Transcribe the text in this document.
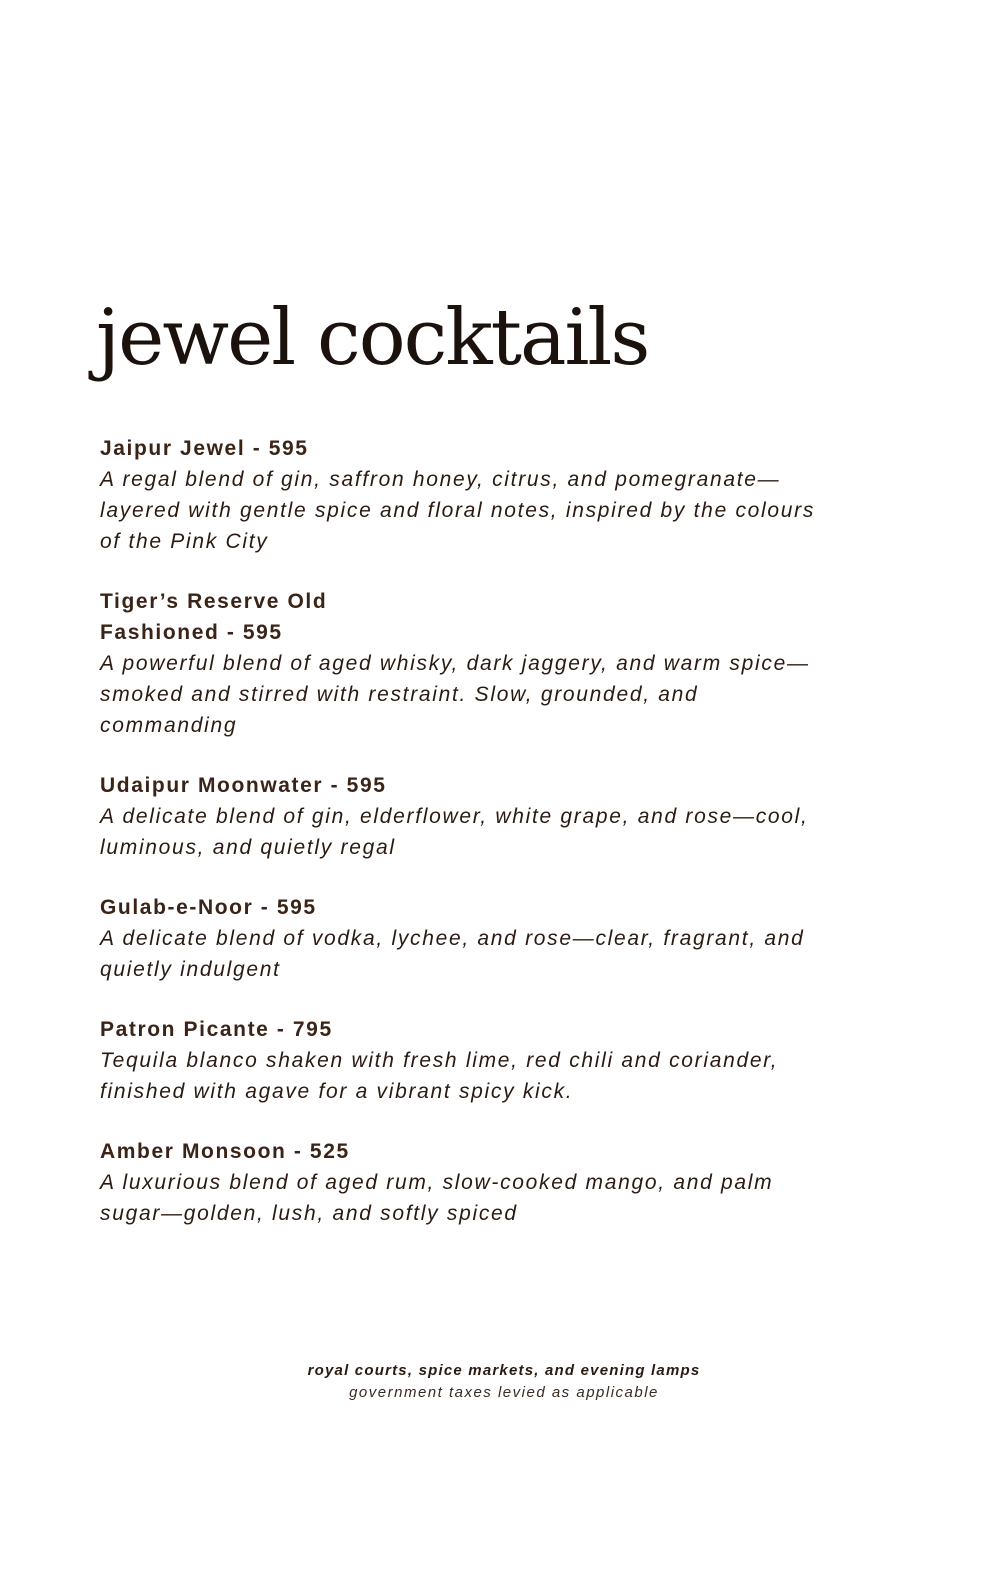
jewel cocktails
Jaipur Jewel - 595
A regal blend of gin, saffron honey, citrus, and pomegranate—layered with gentle spice and floral notes, inspired by the colours of the Pink City
Tiger’s Reserve Old Fashioned - 595
A powerful blend of aged whisky, dark jaggery, and warm spice—smoked and stirred with restraint. Slow, grounded, and commanding
Udaipur Moonwater - 595
A delicate blend of gin, elderflower, white grape, and rose—cool, luminous, and quietly regal
Gulab-e-Noor - 595
A delicate blend of vodka, lychee, and rose—clear, fragrant, and quietly indulgent
Patron Picante - 795
Tequila blanco shaken with fresh lime, red chili and coriander, finished with agave for a vibrant spicy kick.
Amber Monsoon - 525
A luxurious blend of aged rum, slow-cooked mango, and palm sugar—golden, lush, and softly spiced
royal courts, spice markets, and evening lamps
government taxes levied as applicable
